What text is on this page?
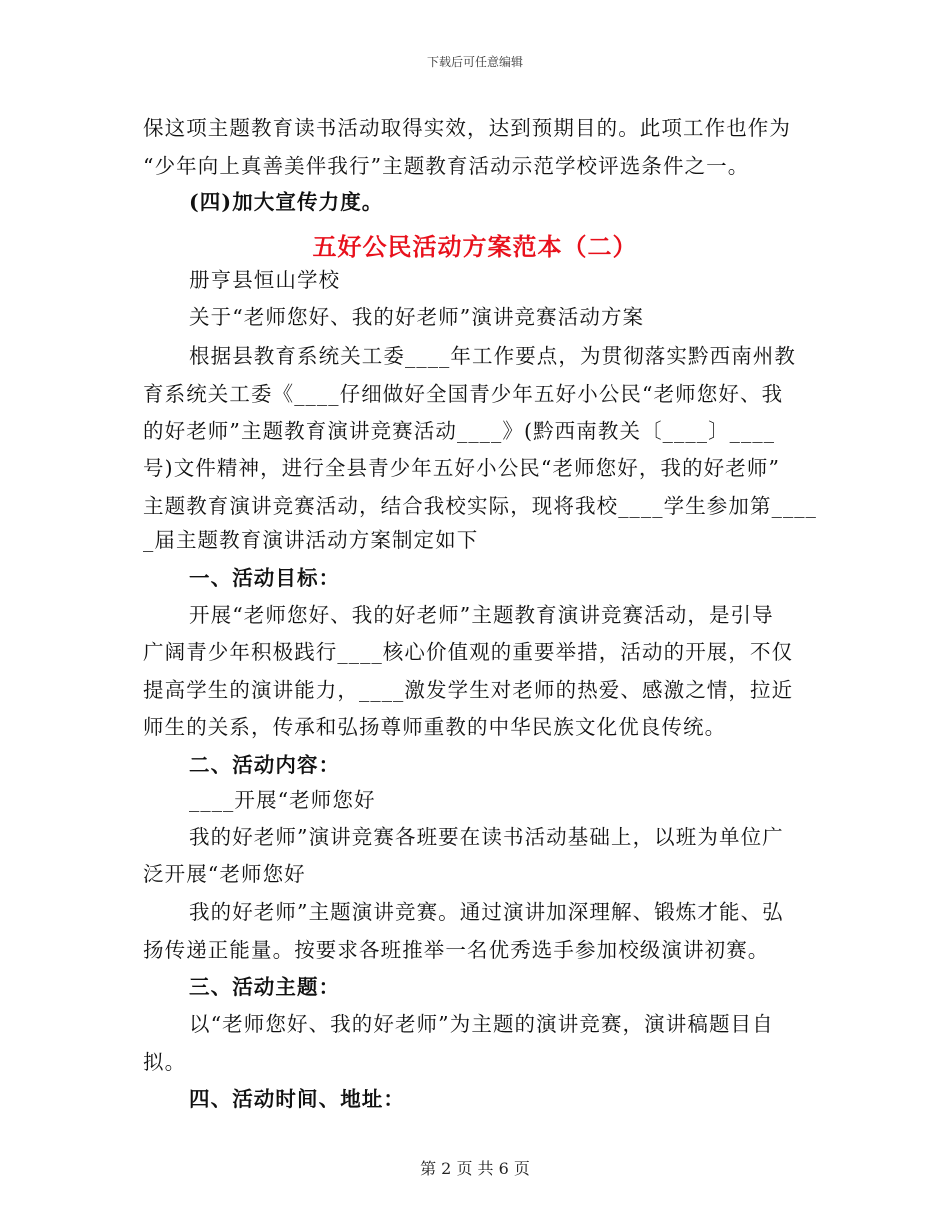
下载后可任意编辑
保这项主题教育读书活动取得实效，达到预期目的。此项工作也作为
“少年向上真善美伴我行”主题教育活动示范学校评选条件之一。
(四)加大宣传力度。
五好公民活动方案范本（二）
册亨县恒山学校
关于“老师您好、我的好老师”演讲竞赛活动方案
根据县教育系统关工委____年工作要点，为贯彻落实黔西南州教
育系统关工委《____仔细做好全国青少年五好小公民“老师您好、我
的好老师”主题教育演讲竞赛活动____》(黔西南教关〔____〕____
号)文件精神，进行全县青少年五好小公民“老师您好，我的好老师”
主题教育演讲竞赛活动，结合我校实际，现将我校____学生参加第____
_届主题教育演讲活动方案制定如下
一、活动目标：
开展“老师您好、我的好老师”主题教育演讲竞赛活动，是引导
广阔青少年积极践行____核心价值观的重要举措，活动的开展，不仅
提高学生的演讲能力，____激发学生对老师的热爱、感激之情，拉近
师生的关系，传承和弘扬尊师重教的中华民族文化优良传统。
二、活动内容：
____开展“老师您好
我的好老师”演讲竞赛各班要在读书活动基础上，以班为单位广
泛开展“老师您好
我的好老师”主题演讲竞赛。通过演讲加深理解、锻炼才能、弘
扬传递正能量。按要求各班推举一名优秀选手参加校级演讲初赛。
三、活动主题：
以“老师您好、我的好老师”为主题的演讲竞赛，演讲稿题目自
拟。
四、活动时间、地址：
第 2 页 共 6 页
